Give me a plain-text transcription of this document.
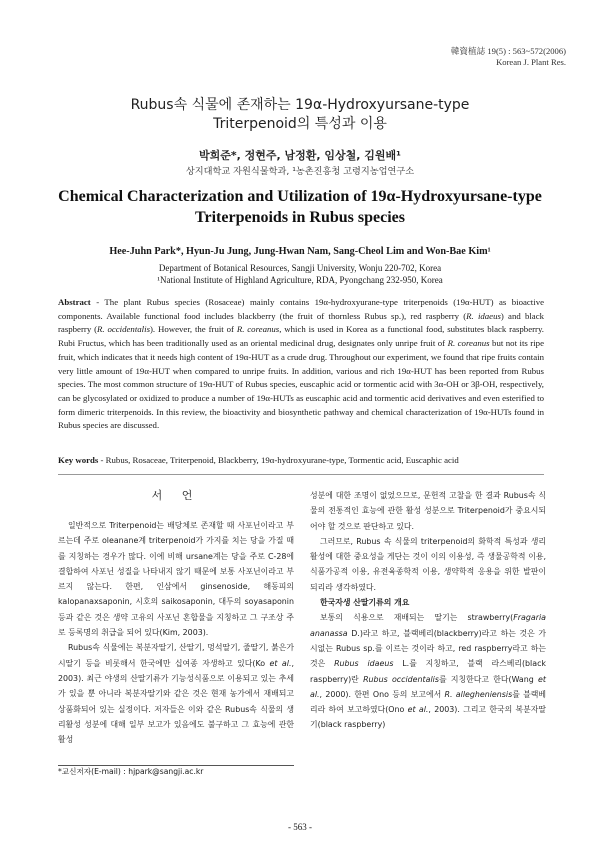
韓資植誌 19(5) : 563~572(2006)
Korean J. Plant Res.
Rubus속 식물에 존재하는 19α-Hydroxyursane-type
Triterpenoid의 특성과 이용
박희준*, 정현주, 남정환, 임상철, 김원배¹
상지대학교 자원식물학과, ¹농촌진흥청 고령지농업연구소
Chemical Characterization and Utilization of 19α-Hydroxyursane-type
Triterpenoids in Rubus species
Hee-Juhn Park*, Hyun-Ju Jung, Jung-Hwan Nam, Sang-Cheol Lim and Won-Bae Kim¹
Department of Botanical Resources, Sangji University, Wonju 220-702, Korea
¹National Institute of Highland Agriculture, RDA, Pyongchang 232-950, Korea
Abstract - The plant Rubus species (Rosaceae) mainly contains 19α-hydroxyurane-type triterpenoids (19α-HUT) as bioactive components. Available functional food includes blackberry (the fruit of thornless Rubus sp.), red raspberry (R. idaeus) and black raspberry (R. occidentalis). However, the fruit of R. coreanus, which is used in Korea as a functional food, substitutes black raspberry. Rubi Fructus, which has been traditionally used as an oriental medicinal drug, designates only unripe fruit of R. coreanus but not its ripe fruit, which indicates that it needs high content of 19α-HUT as a crude drug. Throughout our experiment, we found that ripe fruits contain very little amount of 19α-HUT when compared to unripe fruits. In addition, various and rich 19α-HUT has been reported from Rubus species. The most common structure of 19α-HUT of Rubus species, euscaphic acid or tormentic acid with 3α-OH or 3β-OH, respectively, can be glycosylated or oxidized to produce a number of 19α-HUTs as euscaphic acid and tormentic acid derivatives and even esterified to form dimeric triterpenoids. In this review, the bioactivity and biosynthetic pathway and chemical characterization of 19α-HUTs found in Rubus species are discussed.
Key words - Rubus, Rosaceae, Triterpenoid, Blackberry, 19α-hydroxyurane-type, Tormentic acid, Euscaphic acid
서 언

일반적으로 Triterpenoid는 배당체로 존재할 때 사포닌이라고 부르는데 주로 oleanane계 triterpenoid가 가지를 치는 당을 가질 때를 지칭하는 경우가 많다. 이에 비해 ursane계는 당을 주로 C-28에 결합하여 사포닌 성질을 나타내지 않기 때문에 보통 사포닌이라고 부르지 않는다. 한편, 인삼에서 ginsenoside, 해동피의 kalopanaxsaponin, 시호의 saikosaponin, 대두의 soyasaponin 등과 같은 것은 생약 고유의 사포닌 혼합물을 지칭하고 그 구조상 주로 등록명의 취급을 되어 있다(Kim, 2003).

Rubus속 식물에는 복분자딸기, 산딸기, 멍석딸기, 줄딸기, 붉은가시딸기 등을 비롯해서 한국에만 십여종 자생하고 있다(Ko et al., 2003). 최근 야생의 산딸기류가 기능성식품으로 이용되고 있는 추세 가 있을 뿐 아니라 복분자딸기와 같은 것은 현재 농가에서 재배되고 상품화되어 있는 실정이다. 저자들은 이와 같은 Rubus속 식물의 생리활성 성분에 대해 일부 보고가 있음에도 불구하고 그 효능에 관한 활성

성분에 대한 조명이 없었으므로, 문헌적 고찰을 한 결과 Rubus속 식물의 전통적인 효능에 관한 활성 성분으로 Triterpenoid가 중요시되어야 할 것으로 판단하고 있다.

그러므로, Rubus 속 식물의 triterpenoid의 화학적 특성과 생리활성에 대한 중요성을 게단는 것이 이의 이용성, 즉 생물공학적 이용, 식품가공적 이용, 유전육종학적 이용, 생약학적 응용을 위한 발판이 되리라 생각하였다.

한국자생 산딸기류의 개요

보통의 식용으로 재배되는 딸기는 strawberry(Fragaria ananassa D.)라고 하고, 블랙베리(blackberry)라고 하는 것은 가시없는 Rubus sp.를 이르는 것이라 하고, red raspberry라고 하는 것은 Rubus idaeus L.를 지칭하고, 블랙 라스베리(black raspberry)란 Rubus occidentalis를 지칭한다고 한다(Wang et al., 2000). 한편 Ono 등의 보고에서 R. allegheniensis를 블랙베리라 하여 보고하였다(Ono et al., 2003). 그리고 한국의 복분자딸기(black raspberry)

*교신저자(E-mail) : hjpark@sangji.ac.kr
- 563 -
